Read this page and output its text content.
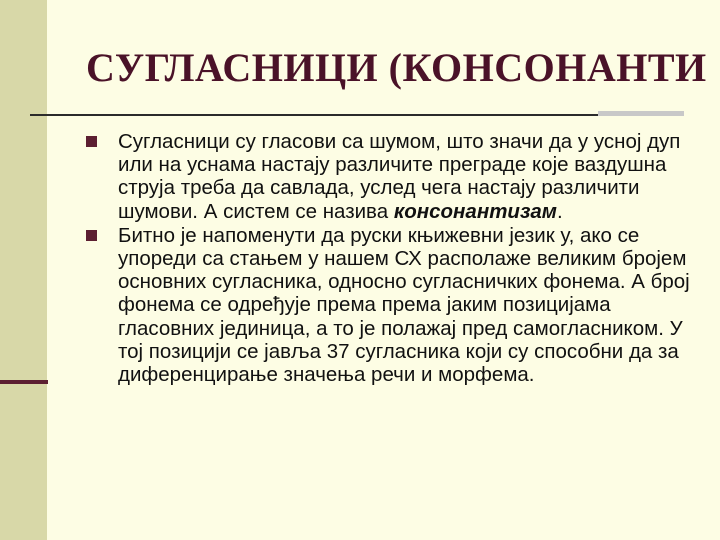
СУГЛАСНИЦИ (КОНСОНАНТИ
Сугласници су гласови са шумом, што значи да у усној дуп или на уснама настају различите преграде које ваздушна струја треба да савлада, услед чега настају различити шумови. А систем се назива консонантизам.
Битно је напоменути да руски књижевни језик у, ако се упореди са стањем у нашем СХ располаже великим бројем основних сугласника, односно сугласничких фонема. А број фонема се одређује према према јаким позицијама гласовних јединица, а то је полажај пред самогласником. У тој позицији се јавља 37 сугласника који су способни да за диференцирање значења речи и морфема.
